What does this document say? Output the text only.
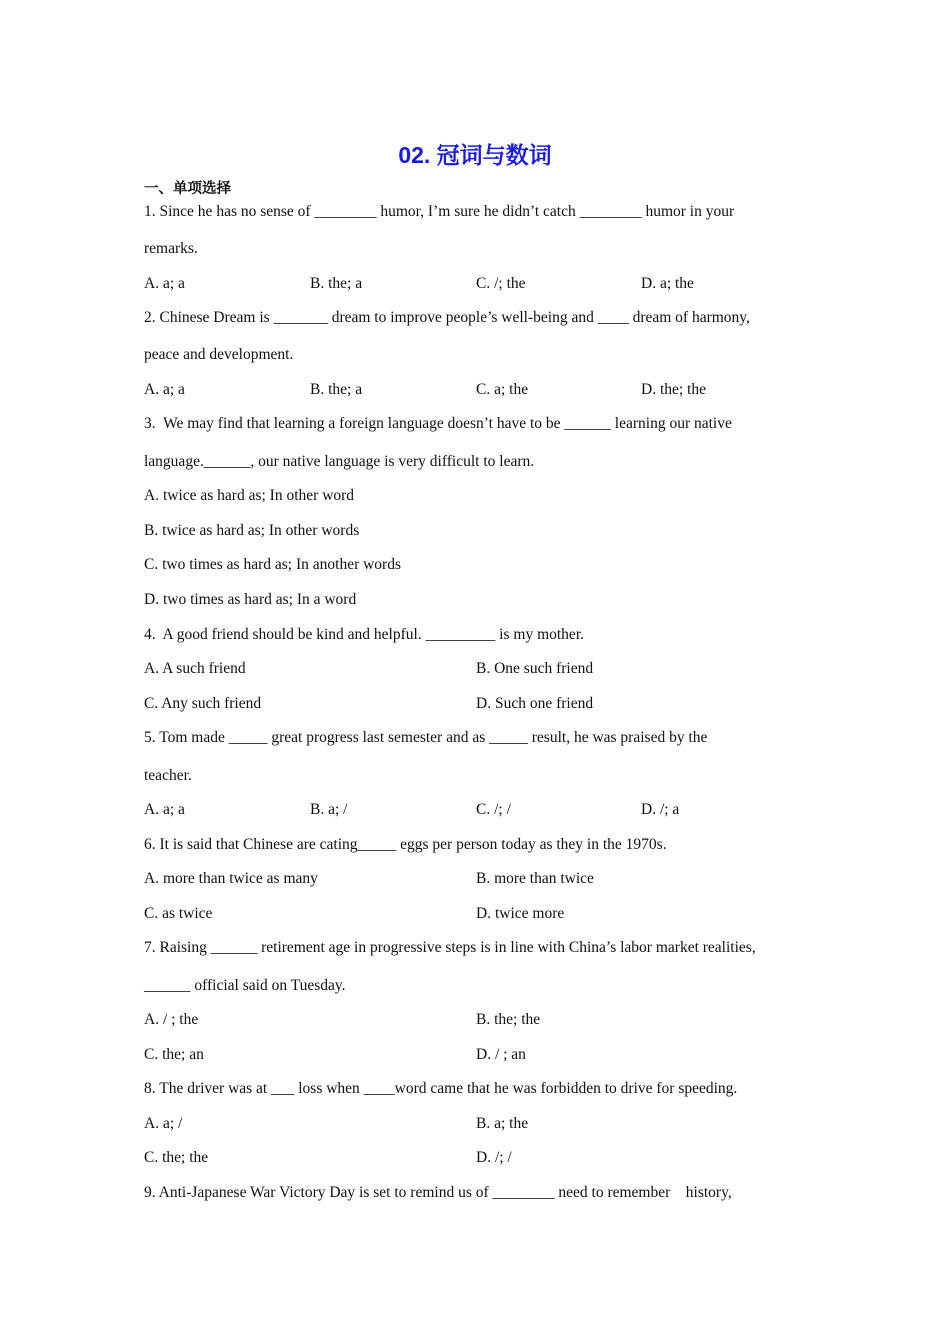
02. 冠词与数词
一、单项选择
1. Since he has no sense of ________ humor, I’m sure he didn’t catch ________ humor in your
remarks.
A. a; a	B. the; a	C. /; the	D. a; the
2. Chinese Dream is _______ dream to improve people’s well-being and ____ dream of harmony,
peace and development.
A. a; a	B. the; a	C. a; the	D. the; the
3.  We may find that learning a foreign language doesn’t have to be ______ learning our native
language.______, our native language is very difficult to learn.
A. twice as hard as; In other word
B. twice as hard as; In other words
C. two times as hard as; In another words
D. two times as hard as; In a word
4.  A good friend should be kind and helpful. _________ is my mother.
A. A such friend	B. One such friend
C. Any such friend	D. Such one friend
5. Tom made _____ great progress last semester and as _____ result, he was praised by the
teacher.
A. a; a	B. a; /	C. /; /	D. /; a
6. It is said that Chinese are cating_____ eggs per person today as they in the 1970s.
A. more than twice as many	B. more than twice
C. as twice	D. twice more
7. Raising ______ retirement age in progressive steps is in line with China’s labor market realities,
______ official said on Tuesday.
A. / ; the	B. the; the
C. the; an	D. / ; an
8. The driver was at ___ loss when ____word came that he was forbidden to drive for speeding.
A. a; /	B. a; the
C. the; the	D. /; /
9. Anti-Japanese War Victory Day is set to remind us of ________ need to remember    history,
